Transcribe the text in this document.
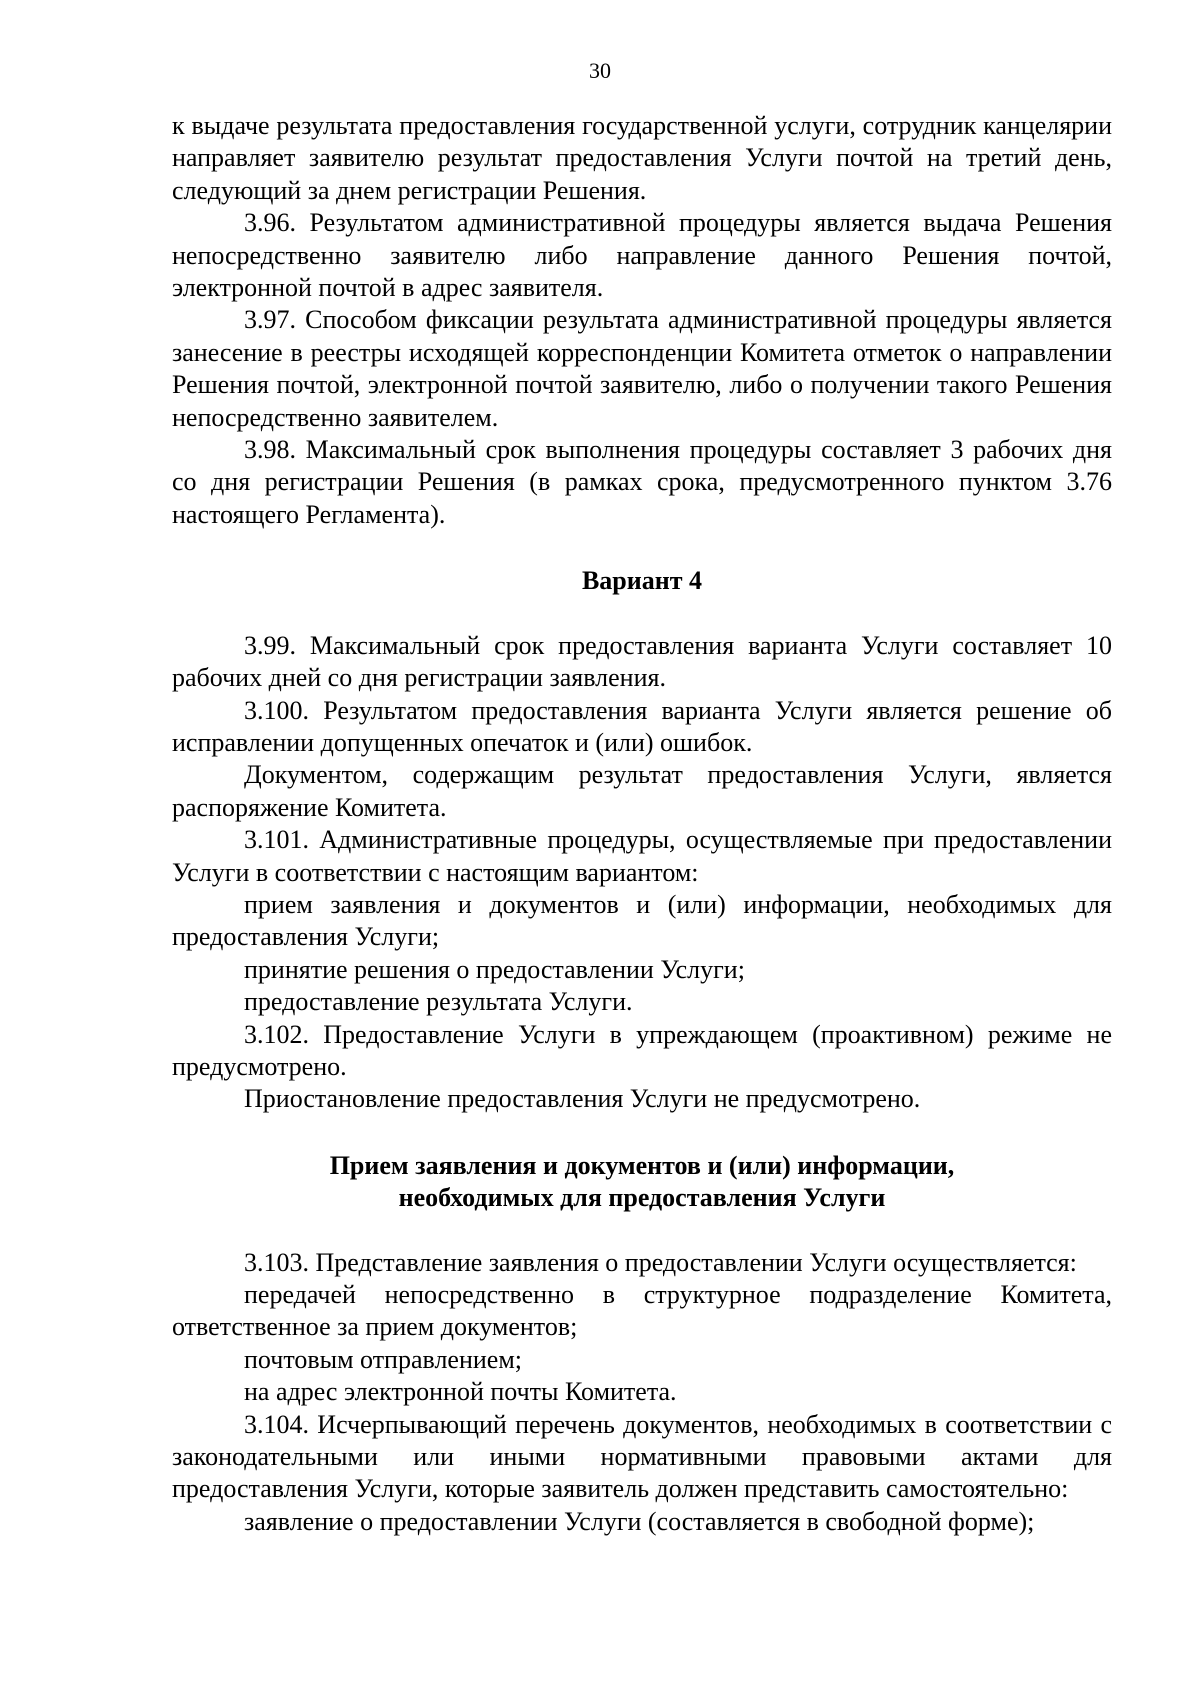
30

к выдаче результата предоставления государственной услуги, сотрудник канцелярии направляет заявителю результат предоставления Услуги почтой на третий день, следующий за днем регистрации Решения.

3.96. Результатом административной процедуры является выдача Решения непосредственно заявителю либо направление данного Решения почтой, электронной почтой в адрес заявителя.

3.97. Способом фиксации результата административной процедуры является занесение в реестры исходящей корреспонденции Комитета отметок о направлении Решения почтой, электронной почтой заявителю, либо о получении такого Решения непосредственно заявителем.

3.98. Максимальный срок выполнения процедуры составляет 3 рабочих дня со дня регистрации Решения (в рамках срока, предусмотренного пунктом 3.76 настоящего Регламента).

Вариант 4

3.99. Максимальный срок предоставления варианта Услуги составляет 10 рабочих дней со дня регистрации заявления.

3.100. Результатом предоставления варианта Услуги является решение об исправлении допущенных опечаток и (или) ошибок.

Документом, содержащим результат предоставления Услуги, является распоряжение Комитета.

3.101. Административные процедуры, осуществляемые при предоставлении Услуги в соответствии с настоящим вариантом:

прием заявления и документов и (или) информации, необходимых для предоставления Услуги;

принятие решения о предоставлении Услуги;

предоставление результата Услуги.

3.102. Предоставление Услуги в упреждающем (проактивном) режиме не предусмотрено.

Приостановление предоставления Услуги не предусмотрено.

Прием заявления и документов и (или) информации,
необходимых для предоставления Услуги

3.103. Представление заявления о предоставлении Услуги осуществляется:

передачей непосредственно в структурное подразделение Комитета, ответственное за прием документов;

почтовым отправлением;

на адрес электронной почты Комитета.

3.104. Исчерпывающий перечень документов, необходимых в соответствии с законодательными или иными нормативными правовыми актами для предоставления Услуги, которые заявитель должен представить самостоятельно:

заявление о предоставлении Услуги (составляется в свободной форме);
